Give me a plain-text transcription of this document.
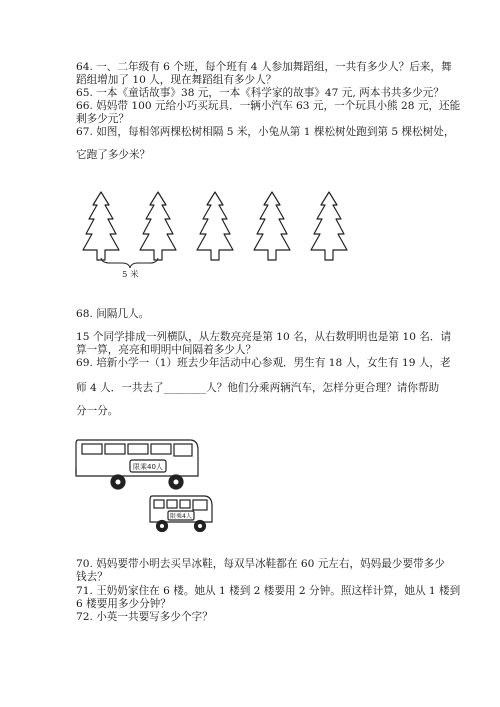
64. 一、二年级有 6 个班，每个班有 4 人参加舞蹈组，一共有多少人？后来，舞

蹈组增加了 10 人，现在舞蹈组有多少人？

65. 一本《童话故事》38 元，一本《科学家的故事》47 元, 两本书共多少元？

66. 妈妈带 100 元给小巧买玩具．一辆小汽车 63 元，一个玩具小熊 28 元，还能

剩多少元？

67. 如图，每相邻两棵松树相隔 5 米，小兔从第 1 棵松树处跑到第 5 棵松树处，

它跑了多少米？

5 米

68. 间隔几人。

15 个同学排成一列横队，从左数亮亮是第 10 名，从右数明明也是第 10 名．请

算一算，亮亮和明明中间隔着多少人？

69. 培新小学一（1）班去少年活动中心参观．男生有 18 人，女生有 19 人，老

师 4 人．一共去了________人？他们分乘两辆汽车，怎样分更合理？请你帮助

分一分。

限乘40人
限乘4人

70. 妈妈要带小明去买旱冰鞋，每双旱冰鞋都在 60 元左右，妈妈最少要带多少

钱去？

71. 王奶奶家住在 6 楼。她从 1 楼到 2 楼要用 2 分钟。照这样计算，她从 1 楼到

6 楼要用多少分钟？

72. 小英一共要写多少个字？
